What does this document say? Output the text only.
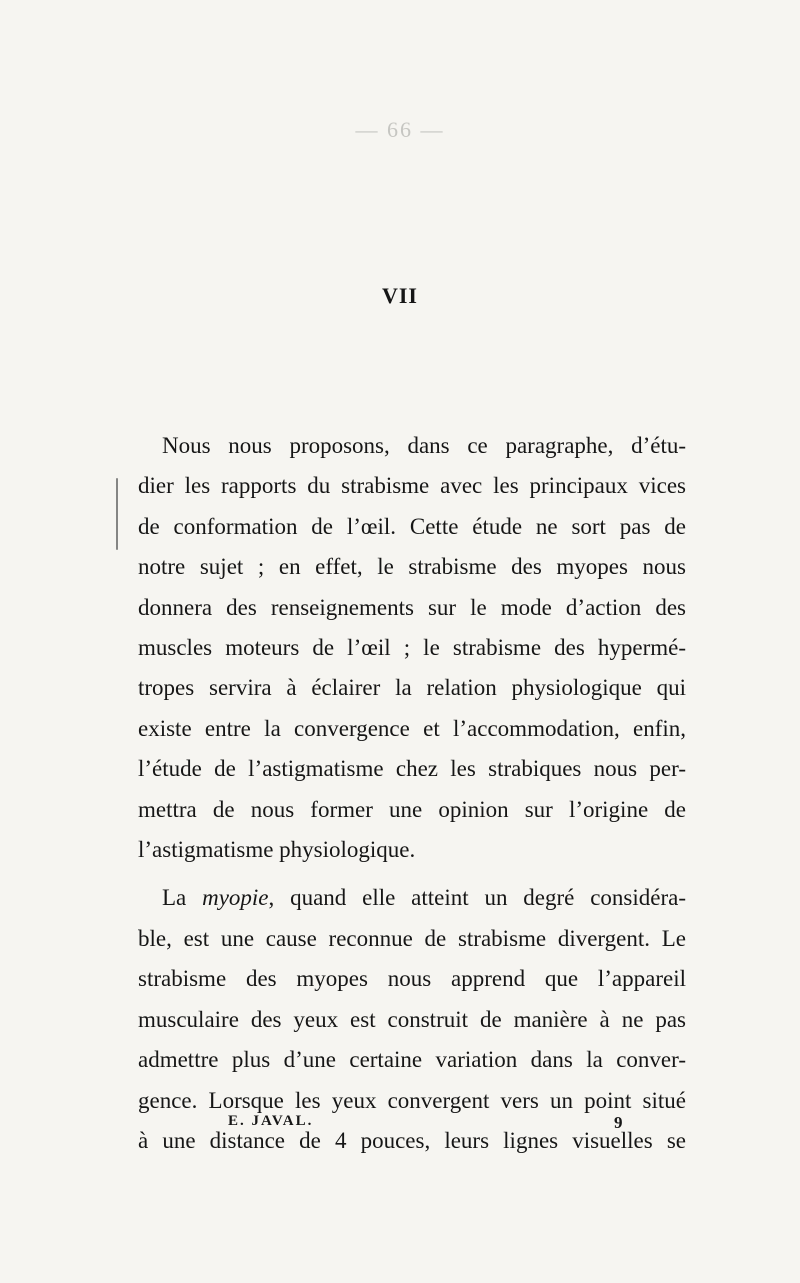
— 66 —
VII
Nous nous proposons, dans ce paragraphe, d’étu-
dier les rapports du strabisme avec les principaux vices
de conformation de l’œil. Cette étude ne sort pas de
notre sujet ; en effet, le strabisme des myopes nous
donnera des renseignements sur le mode d’action des
muscles moteurs de l’œil ; le strabisme des hypermé-
tropes servira à éclairer la relation physiologique qui
existe entre la convergence et l’accommodation, enfin,
l’étude de l’astigmatisme chez les strabiques nous per-
mettra de nous former une opinion sur l’origine de
l’astigmatisme physiologique.
La myopie, quand elle atteint un degré considéra-
ble, est une cause reconnue de strabisme divergent. Le
strabisme des myopes nous apprend que l’appareil
musculaire des yeux est construit de manière à ne pas
admettre plus d’une certaine variation dans la conver-
gence. Lorsque les yeux convergent vers un point situé
à une distance de 4 pouces, leurs lignes visuelles se
E. JAVAL.	9
